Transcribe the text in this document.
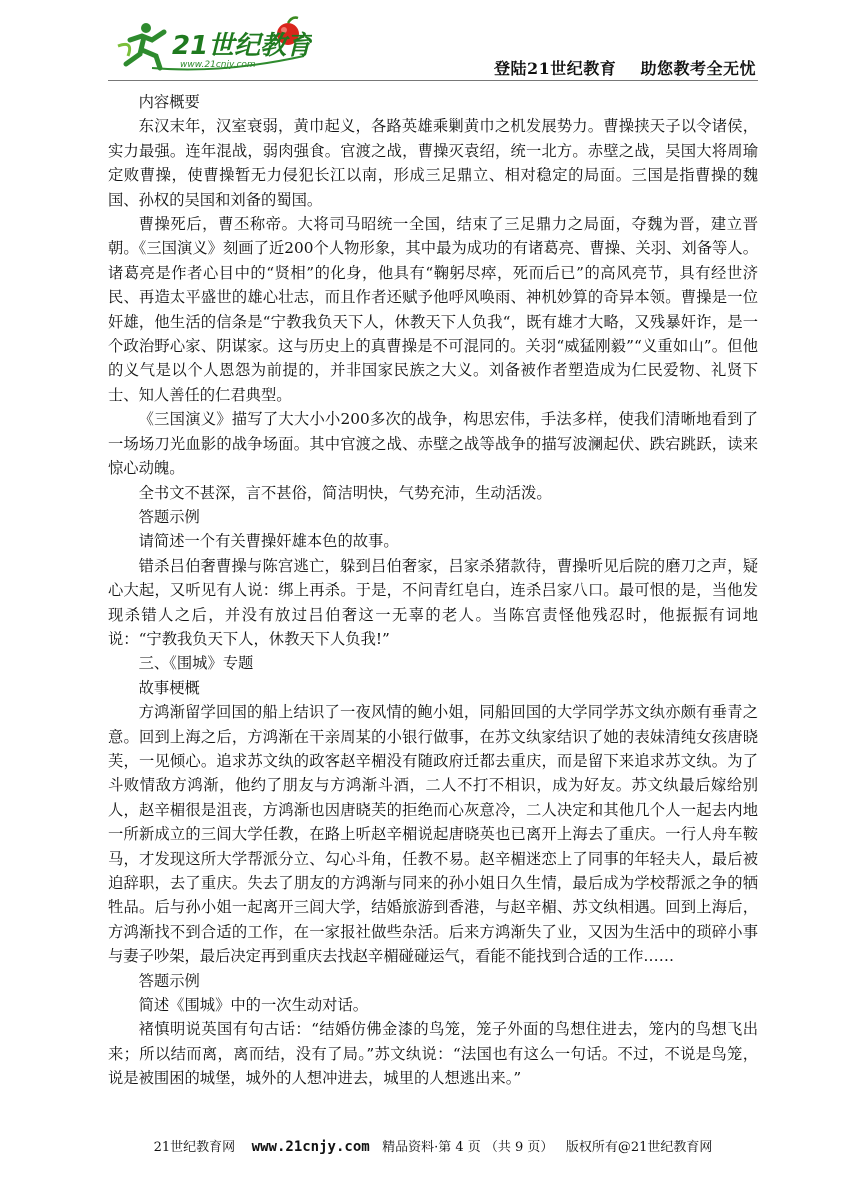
21世纪教育
www.21cnjy.com	登陆21世纪教育    助您教考全无忧

内容概要

东汉末年，汉室衰弱，黄巾起义，各路英雄乘剿黄巾之机发展势力。曹操挟天子以令诸侯，实力最强。连年混战，弱肉强食。官渡之战，曹操灭袁绍，统一北方。赤壁之战，吴国大将周瑜定败曹操，使曹操暂无力侵犯长江以南，形成三足鼎立、相对稳定的局面。三国是指曹操的魏国、孙权的吴国和刘备的蜀国。

曹操死后，曹丕称帝。大将司马昭统一全国，结束了三足鼎力之局面，夺魏为晋，建立晋朝。《三国演义》刻画了近200个人物形象，其中最为成功的有诸葛亮、曹操、关羽、刘备等人。诸葛亮是作者心目中的“贤相”的化身，他具有“鞠躬尽瘁，死而后已”的高风亮节，具有经世济民、再造太平盛世的雄心壮志，而且作者还赋予他呼风唤雨、神机妙算的奇异本领。曹操是一位奸雄，他生活的信条是“宁教我负天下人，休教天下人负我“，既有雄才大略，又残暴奸诈，是一个政治野心家、阴谋家。这与历史上的真曹操是不可混同的。关羽“威猛刚毅”“义重如山”。但他的义气是以个人恩怨为前提的，并非国家民族之大义。刘备被作者塑造成为仁民爱物、礼贤下士、知人善任的仁君典型。

《三国演义》描写了大大小小200多次的战争，构思宏伟，手法多样，使我们清晰地看到了一场场刀光血影的战争场面。其中官渡之战、赤壁之战等战争的描写波澜起伏、跌宕跳跃，读来惊心动魄。

全书文不甚深，言不甚俗，简洁明快，气势充沛，生动活泼。

答题示例

请简述一个有关曹操奸雄本色的故事。

错杀吕伯奢曹操与陈宫逃亡，躲到吕伯奢家，吕家杀猪款待，曹操听见后院的磨刀之声，疑心大起，又听见有人说：绑上再杀。于是，不问青红皂白，连杀吕家八口。最可恨的是，当他发现杀错人之后，并没有放过吕伯奢这一无辜的老人。当陈宫责怪他残忍时，他振振有词地说：“宁教我负天下人，休教天下人负我!”

三、《围城》专题

故事梗概

方鸿渐留学回国的船上结识了一夜风情的鲍小姐，同船回国的大学同学苏文纨亦颇有垂青之意。回到上海之后，方鸿渐在干亲周某的小银行做事，在苏文纨家结识了她的表妹清纯女孩唐晓芙，一见倾心。追求苏文纨的政客赵辛楣没有随政府迁都去重庆，而是留下来追求苏文纨。为了斗败情敌方鸿渐，他约了朋友与方鸿渐斗酒，二人不打不相识，成为好友。苏文纨最后嫁给别人，赵辛楣很是沮丧，方鸿渐也因唐晓芙的拒绝而心灰意冷，二人决定和其他几个人一起去内地一所新成立的三闾大学任教，在路上听赵辛楣说起唐晓英也已离开上海去了重庆。一行人舟车鞍马，才发现这所大学帮派分立、勾心斗角，任教不易。赵辛楣迷恋上了同事的年轻夫人，最后被迫辞职，去了重庆。失去了朋友的方鸿渐与同来的孙小姐日久生情，最后成为学校帮派之争的牺牲品。后与孙小姐一起离开三闾大学，结婚旅游到香港，与赵辛楣、苏文纨相遇。回到上海后，方鸿渐找不到合适的工作，在一家报社做些杂活。后来方鸿渐失了业，又因为生活中的琐碎小事与妻子吵架，最后决定再到重庆去找赵辛楣碰碰运气，看能不能找到合适的工作……

答题示例

简述《围城》中的一次生动对话。

褚慎明说英国有句古话：“结婚仿佛金漆的鸟笼，笼子外面的鸟想住进去，笼内的鸟想飞出来；所以结而离，离而结，没有了局。”苏文纨说：“法国也有这么一句话。不过，不说是鸟笼，说是被围困的城堡，城外的人想冲进去，城里的人想逃出来。”

21世纪教育网 www.21cnjy.com 精品资料·第 4 页 （共 9 页） 版权所有@21世纪教育网
